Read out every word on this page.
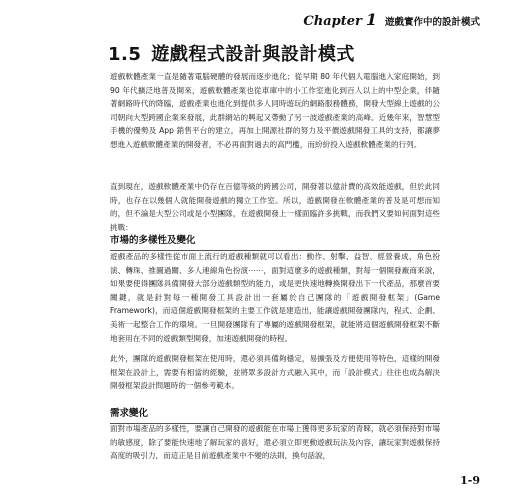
Chapter 1 遊戲實作中的設計模式
1.5 遊戲程式設計與設計模式

遊戲軟體產業一直是隨著電腦硬體的發展而逐步進化；從早期 80 年代個人電腦進入家庭開始，到 90 年代擴泛地普及開來，遊戲軟體產業也從車庫中的小工作室進化到百人以上的中型企業，伴隨著網路時代的降臨，遊戲產業也進化到提供多人同時遊玩的網路服務體務，開發大型線上遊戲的公司朝向大型跨國企業來發展，此群網站的興起又帶動了另一波遊戲產業的高峰。近幾年來，智慧型手機的優勢及 App 銷售平台的建立，再加上開源社群的努力及平價遊戲開發工具的支持，都讓夢想進入遊戲軟體產業的開發者，不必再面對過去的高門檻，而紛紛投入遊戲軟體產業的行列。

直到現在，遊戲軟體產業中仍存在百億等級的跨國公司，開發著以億計費的高效能遊戲，但於此同時，也存在以幾個人就能開發遊戲的獨立工作室。所以，遊戲開發在軟體產業的普及是可想而知的，但不論是大型公司或是小型團隊，在遊戲開發上一樣面臨許多挑戰，而我們又要如何面對這些挑戰：

市場的多樣性及變化

遊戲產品的多樣性從市面上流行的遊戲種類就可以看出：動作、射擊、益智、經營養成、角色扮演、轉珠、推圖過關、多人連線角色扮演⋯⋯，面對這麼多的遊戲種類，對每一個開發廠商來說，如果要使得團隊具備開發大部分遊戲類型的能力，或是更快速地轉換開發出下一代產品，那麼首要關鍵，就是針對每一種開發工具設計出一套屬於自己團隊的「遊戲開發框架」(Game Framework)，而這個遊戲開發框架的主要工作就是建造出，能讓遊戲開發團隊內，程式、企劃、美術一起整合工作的環境。一旦開發團隊有了專屬的遊戲開發框架，就能將這個遊戲開發框架不斷地套用在不同的遊戲類型開發，加速遊戲開發的時程。

此外，團隊的遊戲開發框架在使用時，還必須具備夠穩定，易擴張及方便使用等特色，這樣的開發框架在設計上，需要有相當的經驗，並將眾多設計方式融入其中，而「設計模式」往往也成為解決開發框架設計問題時的一個參考範本。

需求變化

面對市場產品的多樣性，要讓自己開發的遊戲能在市場上獲得更多玩家的青睞，就必須保持對市場的敏感度，除了要能快速地了解玩家的喜好，還必須立即更動遊戲玩法及內容，讓玩家對遊戲保持高度的吸引力，而這正是目前遊戲產業中不變的法則，換句話說，

1-9
